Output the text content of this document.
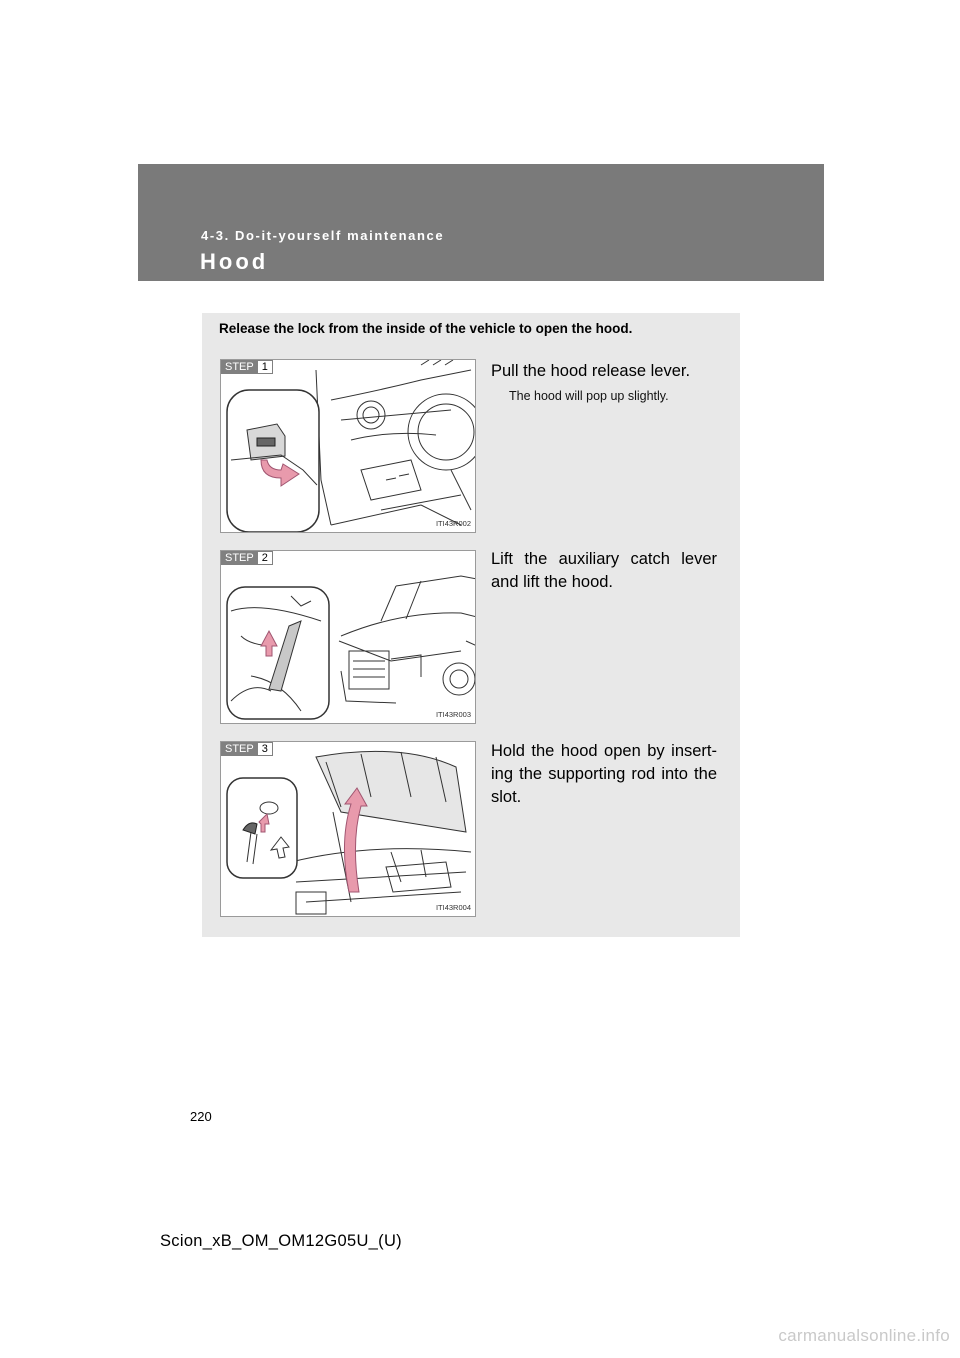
4-3. Do-it-yourself maintenance
Hood
Release the lock from the inside of the vehicle to open the hood.
STEP 1
ITI43R002
Pull the hood release lever.
The hood will pop up slightly.
STEP 2
ITI43R003
Lift the auxiliary catch lever and lift the hood.
STEP 3
ITI43R004
Hold the hood open by insert-ing the supporting rod into the slot.
220
Scion_xB_OM_OM12G05U_(U)
carmanualsonline.info
